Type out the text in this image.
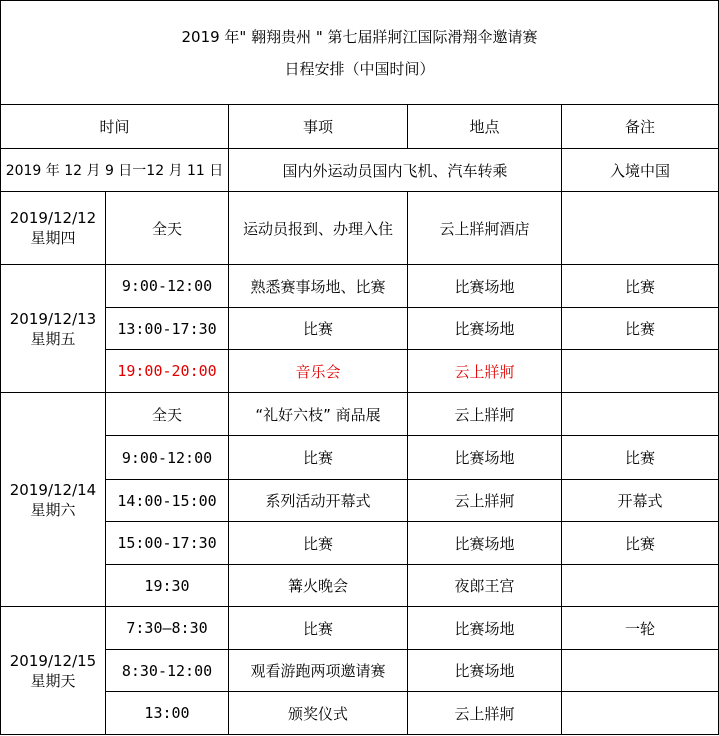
2019 年" 翱翔贵州 " 第七届牂牁江国际滑翔伞邀请赛
日程安排（中国时间）				

时间		事项	地点	备注
2019 年 12 月 9 日一12 月 11 日		国内外运动员国内飞机、汽车转乘		入境中国

2019/12/12
星期四	全天	运动员报到、办理入住	云上牂牁酒店	

2019/12/13
星期五	9:00-12:00	熟悉赛事场地、比赛	比赛场地	比赛
	13:00-17:30	比赛	比赛场地	比赛
	19:00-20:00	音乐会	云上牂牁	

2019/12/14
星期六	全天	“礼好六枝” 商品展	云上牂牁	
	9:00-12:00	比赛	比赛场地	比赛
	14:00-15:00	系列活动开幕式	云上牂牁	开幕式
	15:00-17:30	比赛	比赛场地	比赛
	19:30	篝火晚会	夜郎王宫	

2019/12/15
星期天	7:30—8:30	比赛	比赛场地	一轮
	8:30-12:00	观看游跑两项邀请赛	比赛场地	
	13:00	颁奖仪式	云上牂牁	
